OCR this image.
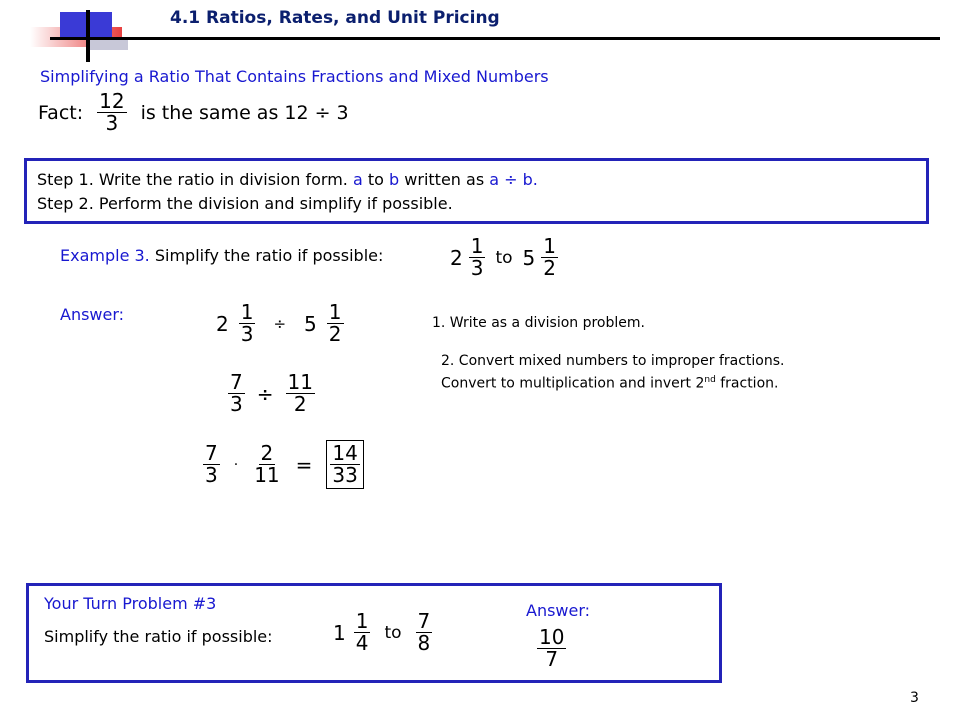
4.1 Ratios, Rates, and Unit Pricing
Simplifying a Ratio That Contains Fractions and Mixed Numbers
Fact: $\frac{12}{3}$ is the same as 12 ÷ 3
Step 1. Write the ratio in division form. a to b written as a ÷ b.
Step 2. Perform the division and simplify if possible.
Example 3. Simplify the ratio if possible:	$2 \frac{1}{3}$ to $5 \frac{1}{2}$
Answer:	$2 \frac{1}{3} \div 5 \frac{1}{2}$
$\frac{7}{3} \div \frac{11}{2}$
$\frac{7}{3} \cdot \frac{2}{11} = \frac{14}{33}$
1. Write as a division problem.
2. Convert mixed numbers to improper fractions. Convert to multiplication and invert 2nd fraction.
Your Turn Problem #3
Simplify the ratio if possible:	$1 \frac{1}{4}$ to $\frac{7}{8}$
Answer:
$\frac{10}{7}$
3
